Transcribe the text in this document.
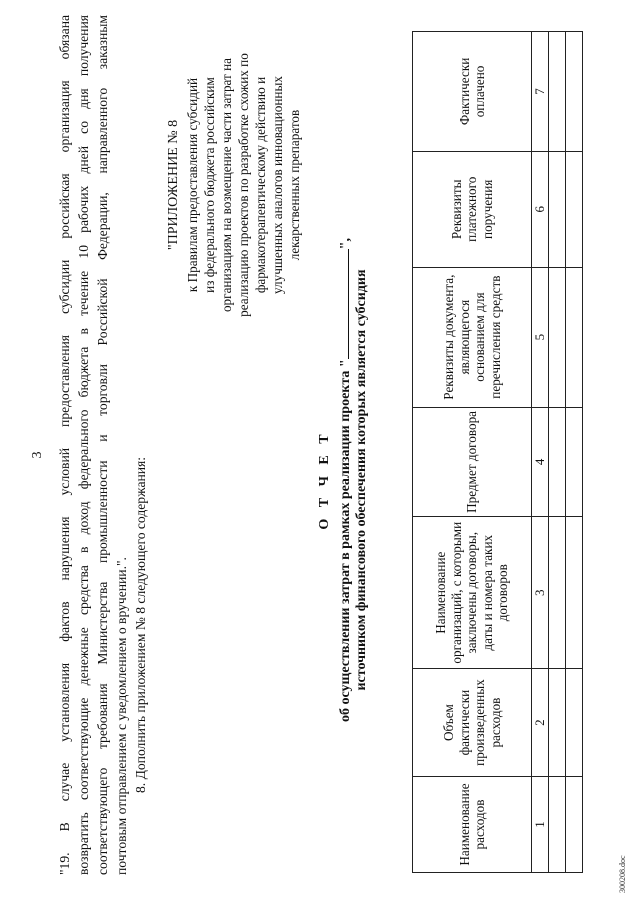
3 "19. В случае установления фактов нарушения условий предоставления субсидии российская организация обязана возвратить соответствующие денежные средства в доход федерального бюджета в течение 10 рабочих дней со дня получения соответствующего требования Министерства промышленности и торговли Российской Федерации, направленного заказным почтовым отправлением с уведомлением о вручении.". 8. Дополнить приложением № 8 следующего содержания:
"ПРИЛОЖЕНИЕ № 8 к Правилам предоставления субсидий из федерального бюджета российским организациям на возмещение части затрат на реализацию проектов по разработке схожих по фармакотерапевтическому действию и улучшенных аналогов инновационных лекарственных препаратов
О Т Ч Е Т об осуществлении затрат в рамках реализации проекта "",
источником финансового обеспечения которых является субсидия
Наименование расходов	Объем фактически произведенных расходов	Наименование организаций, с которыми заключены договоры, даты и номера таких договоров	Предмет договора	Реквизиты документа, являющегося основанием для перечисления средств	Реквизиты платежного поручения	Фактически оплачено
1	2	3	4	5	6	7

300208.doc
